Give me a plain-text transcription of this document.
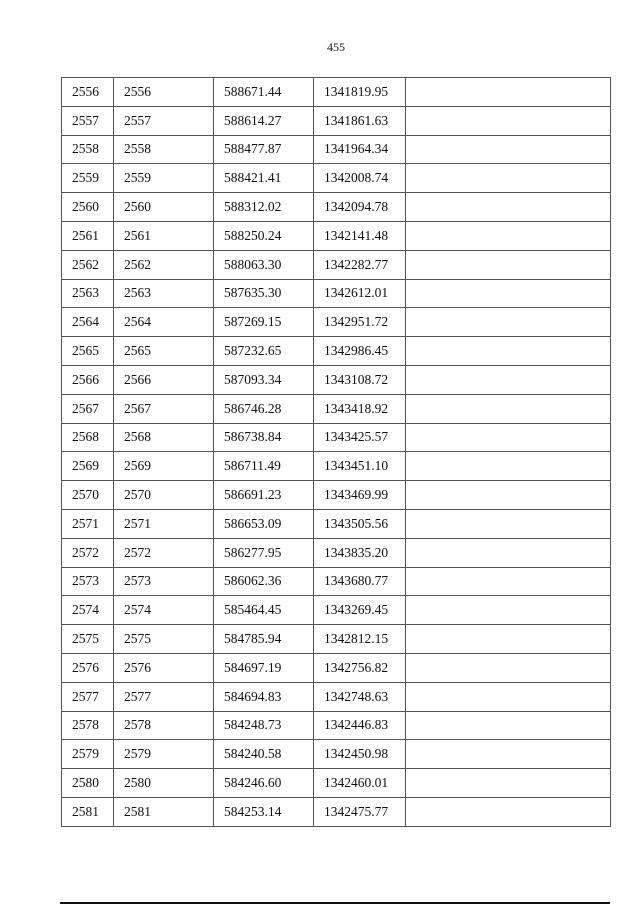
455
2556	2556	588671.44	1341819.95	
2557	2557	588614.27	1341861.63	
2558	2558	588477.87	1341964.34	
2559	2559	588421.41	1342008.74	
2560	2560	588312.02	1342094.78	
2561	2561	588250.24	1342141.48	
2562	2562	588063.30	1342282.77	
2563	2563	587635.30	1342612.01	
2564	2564	587269.15	1342951.72	
2565	2565	587232.65	1342986.45	
2566	2566	587093.34	1343108.72	
2567	2567	586746.28	1343418.92	
2568	2568	586738.84	1343425.57	
2569	2569	586711.49	1343451.10	
2570	2570	586691.23	1343469.99	
2571	2571	586653.09	1343505.56	
2572	2572	586277.95	1343835.20	
2573	2573	586062.36	1343680.77	
2574	2574	585464.45	1343269.45	
2575	2575	584785.94	1342812.15	
2576	2576	584697.19	1342756.82	
2577	2577	584694.83	1342748.63	
2578	2578	584248.73	1342446.83	
2579	2579	584240.58	1342450.98	
2580	2580	584246.60	1342460.01	
2581	2581	584253.14	1342475.77	
